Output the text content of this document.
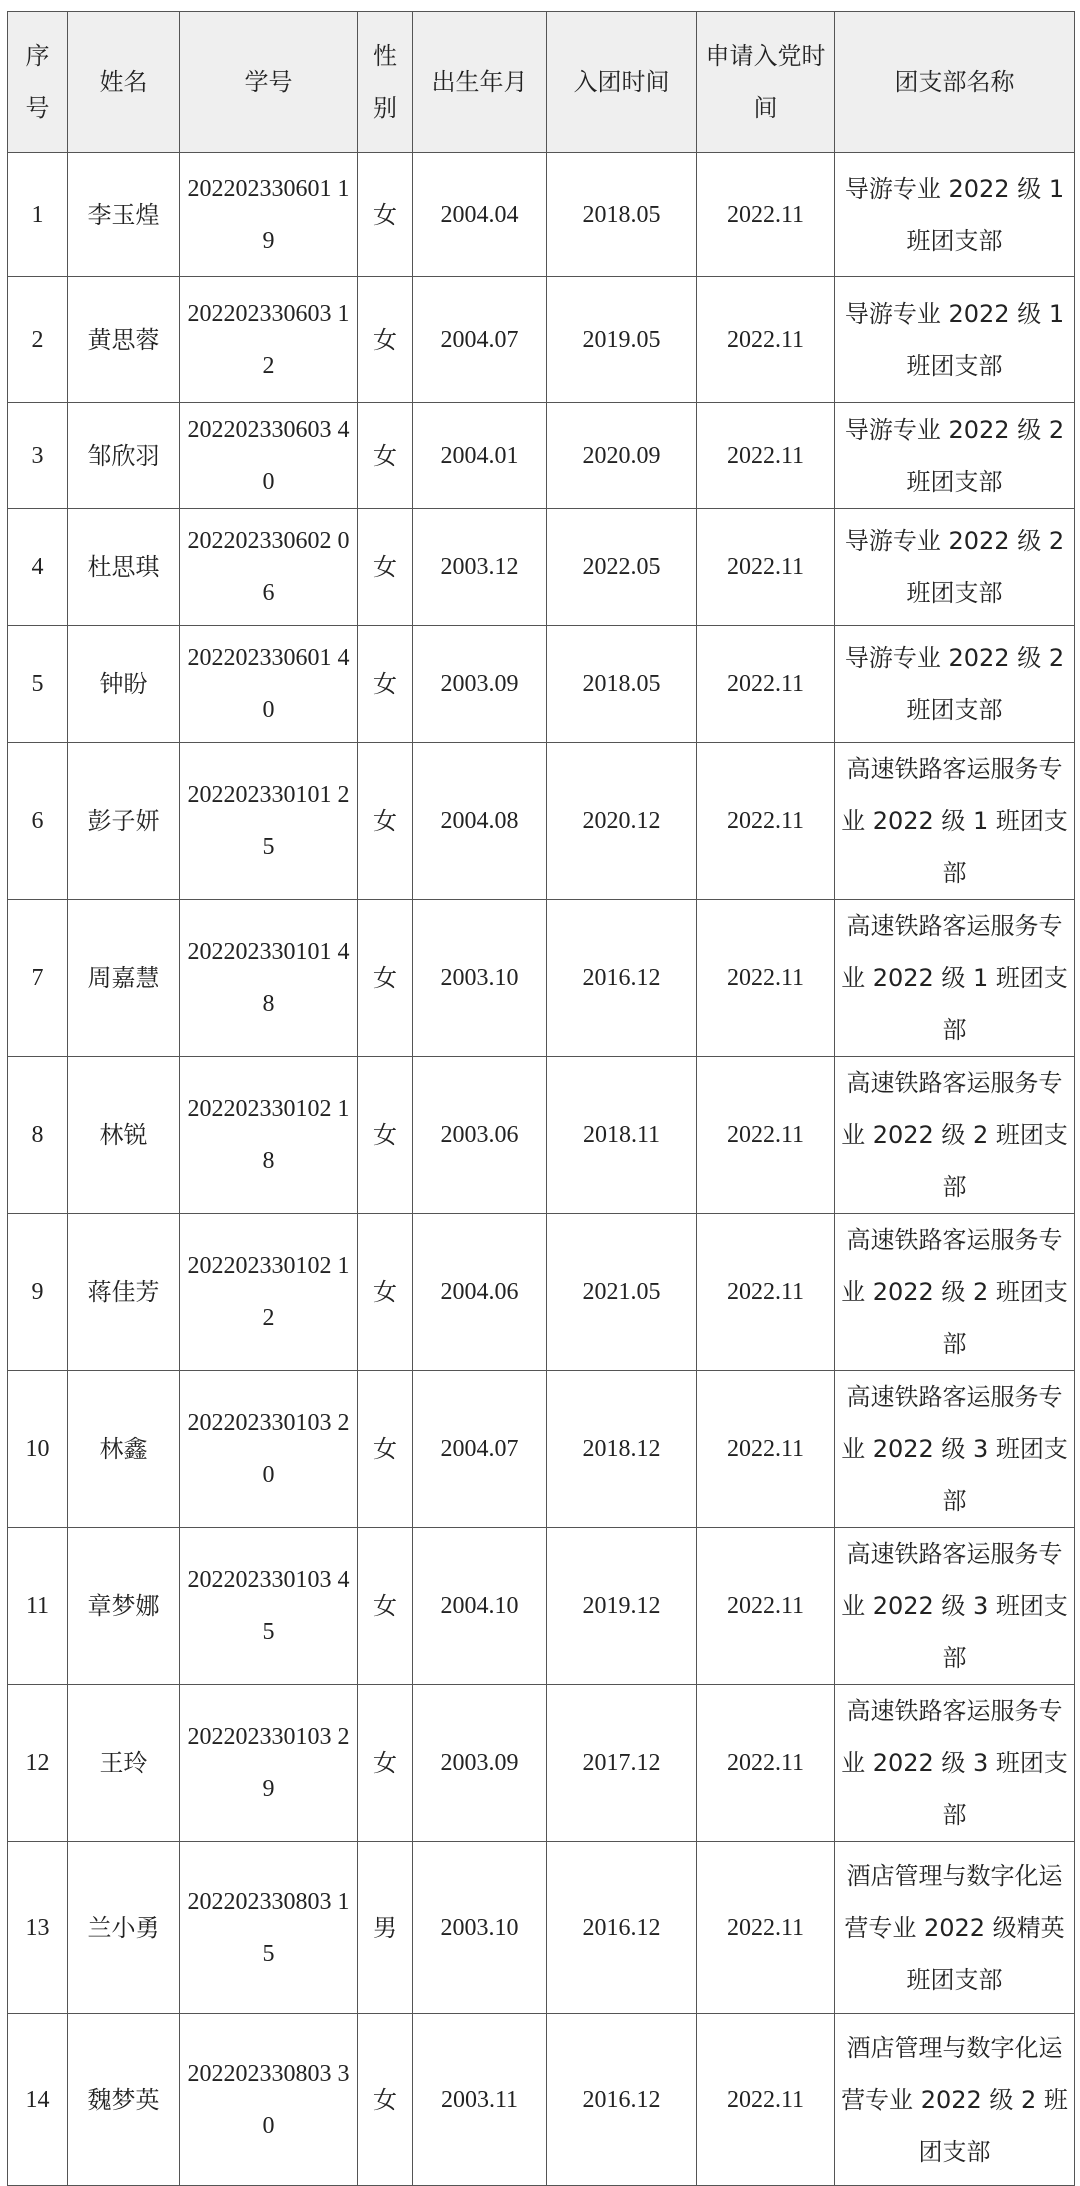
序号	姓名	学号	性别	出生年月	入团时间	申请入党时间	团支部名称
1	李玉煌	202202330601 19	女	2004.04	2018.05	2022.11	导游专业 2022 级 1 班团支部
2	黄思蓉	202202330603 12	女	2004.07	2019.05	2022.11	导游专业 2022 级 1 班团支部
3	邹欣羽	202202330603 40	女	2004.01	2020.09	2022.11	导游专业 2022 级 2 班团支部
4	杜思琪	202202330602 06	女	2003.12	2022.05	2022.11	导游专业 2022 级 2 班团支部
5	钟盼	202202330601 40	女	2003.09	2018.05	2022.11	导游专业 2022 级 2 班团支部
6	彭子妍	202202330101 25	女	2004.08	2020.12	2022.11	高速铁路客运服务专业 2022 级 1 班团支部
7	周嘉慧	202202330101 48	女	2003.10	2016.12	2022.11	高速铁路客运服务专业 2022 级 1 班团支部
8	林锐	202202330102 18	女	2003.06	2018.11	2022.11	高速铁路客运服务专业 2022 级 2 班团支部
9	蒋佳芳	202202330102 12	女	2004.06	2021.05	2022.11	高速铁路客运服务专业 2022 级 2 班团支部
10	林鑫	202202330103 20	女	2004.07	2018.12	2022.11	高速铁路客运服务专业 2022 级 3 班团支部
11	章梦娜	202202330103 45	女	2004.10	2019.12	2022.11	高速铁路客运服务专业 2022 级 3 班团支部
12	王玲	202202330103 29	女	2003.09	2017.12	2022.11	高速铁路客运服务专业 2022 级 3 班团支部
13	兰小勇	202202330803 15	男	2003.10	2016.12	2022.11	酒店管理与数字化运营专业 2022 级精英班团支部
14	魏梦英	202202330803 30	女	2003.11	2016.12	2022.11	酒店管理与数字化运营专业 2022 级 2 班团支部
